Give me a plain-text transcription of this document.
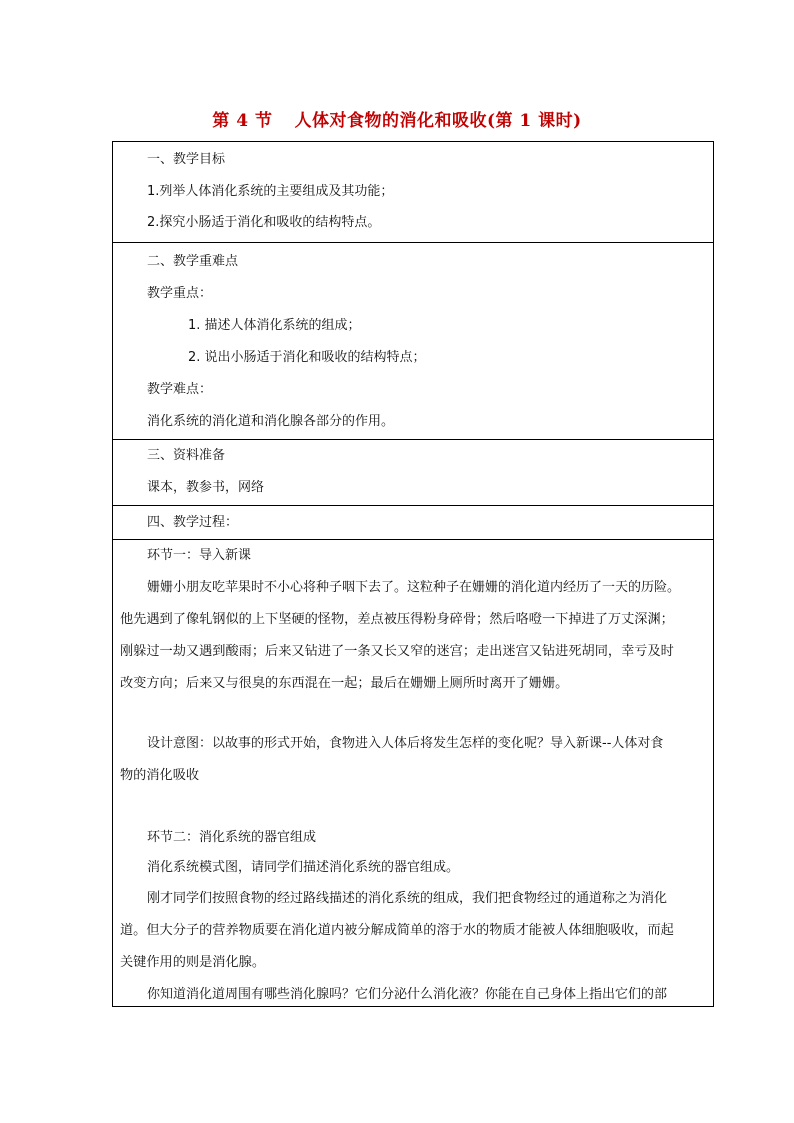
第 4 节 人体对食物的消化和吸收(第 1 课时)
一、教学目标
1.列举人体消化系统的主要组成及其功能；
2.探究小肠适于消化和吸收的结构特点。
二、教学重难点
教学重点：
1. 描述人体消化系统的组成；
2. 说出小肠适于消化和吸收的结构特点；
教学难点：
消化系统的消化道和消化腺各部分的作用。
三、资料准备
课本，教参书，网络
四、教学过程：
环节一：导入新课
姗姗小朋友吃苹果时不小心将种子咽下去了。这粒种子在姗姗的消化道内经历了一天的历险。
他先遇到了像轧钢似的上下坚硬的怪物，差点被压得粉身碎骨；然后咯噔一下掉进了万丈深渊；
刚躲过一劫又遇到酸雨；后来又钻进了一条又长又窄的迷宫；走出迷宫又钻进死胡同，幸亏及时
改变方向；后来又与很臭的东西混在一起；最后在姗姗上厕所时离开了姗姗。
设计意图：以故事的形式开始，食物进入人体后将发生怎样的变化呢？导入新课--人体对食
物的消化吸收
环节二：消化系统的器官组成
消化系统模式图，请同学们描述消化系统的器官组成。
刚才同学们按照食物的经过路线描述的消化系统的组成，我们把食物经过的通道称之为消化
道。但大分子的营养物质要在消化道内被分解成简单的溶于水的物质才能被人体细胞吸收，而起
关键作用的则是消化腺。
你知道消化道周围有哪些消化腺吗？它们分泌什么消化液？你能在自己身体上指出它们的部
